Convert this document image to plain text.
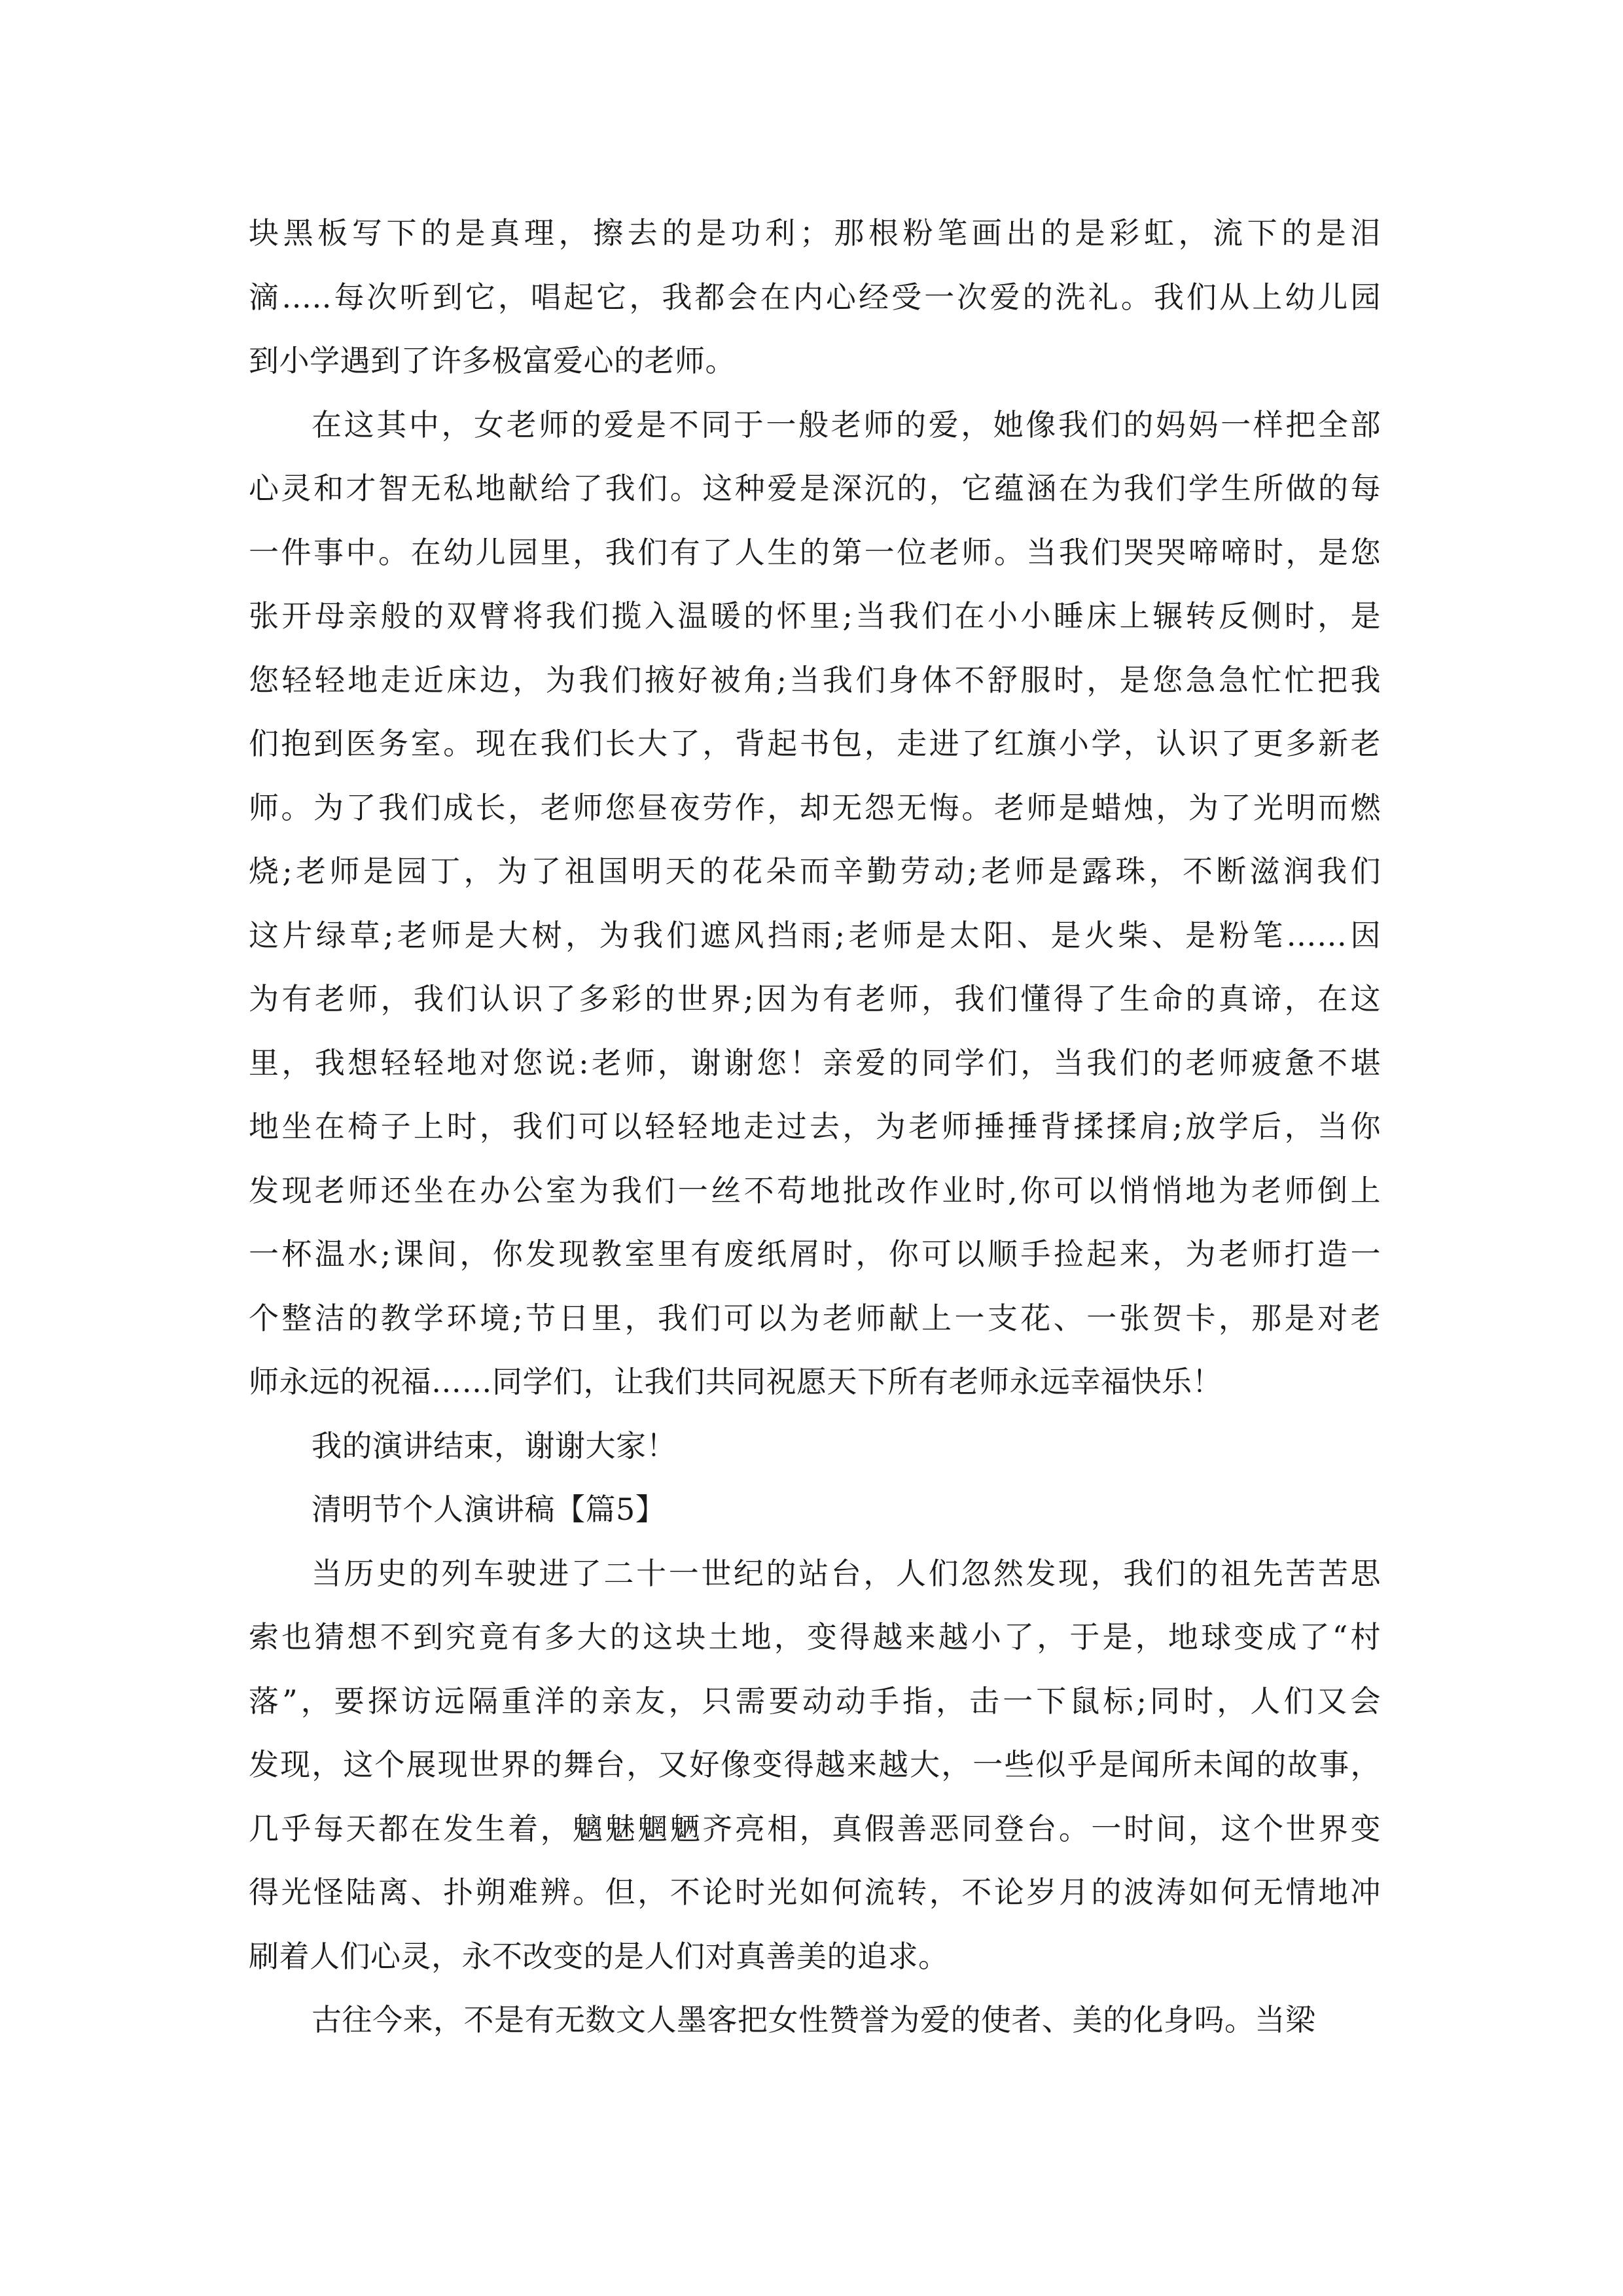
块黑板写下的是真理，擦去的是功利；那根粉笔画出的是彩虹，流下的是泪
滴…..每次听到它，唱起它，我都会在内心经受一次爱的洗礼。我们从上幼儿园
到小学遇到了许多极富爱心的老师。
在这其中，女老师的爱是不同于一般老师的爱，她像我们的妈妈一样把全部
心灵和才智无私地献给了我们。这种爱是深沉的，它蕴涵在为我们学生所做的每
一件事中。在幼儿园里，我们有了人生的第一位老师。当我们哭哭啼啼时，是您
张开母亲般的双臂将我们揽入温暖的怀里;当我们在小小睡床上辗转反侧时，是
您轻轻地走近床边，为我们掖好被角;当我们身体不舒服时，是您急急忙忙把我
们抱到医务室。现在我们长大了，背起书包，走进了红旗小学，认识了更多新老
师。为了我们成长，老师您昼夜劳作，却无怨无悔。老师是蜡烛，为了光明而燃
烧;老师是园丁，为了祖国明天的花朵而辛勤劳动;老师是露珠，不断滋润我们
这片绿草;老师是大树，为我们遮风挡雨;老师是太阳、是火柴、是粉笔……因
为有老师，我们认识了多彩的世界;因为有老师，我们懂得了生命的真谛，在这
里，我想轻轻地对您说:老师，谢谢您！亲爱的同学们，当我们的老师疲惫不堪
地坐在椅子上时，我们可以轻轻地走过去，为老师捶捶背揉揉肩;放学后，当你
发现老师还坐在办公室为我们一丝不苟地批改作业时,你可以悄悄地为老师倒上
一杯温水;课间，你发现教室里有废纸屑时，你可以顺手捡起来，为老师打造一
个整洁的教学环境;节日里，我们可以为老师献上一支花、一张贺卡，那是对老
师永远的祝福……同学们，让我们共同祝愿天下所有老师永远幸福快乐！
我的演讲结束，谢谢大家！
清明节个人演讲稿【篇5】
当历史的列车驶进了二十一世纪的站台，人们忽然发现，我们的祖先苦苦思
索也猜想不到究竟有多大的这块土地，变得越来越小了，于是，地球变成了“村
落”，要探访远隔重洋的亲友，只需要动动手指，击一下鼠标;同时，人们又会
发现，这个展现世界的舞台，又好像变得越来越大，一些似乎是闻所未闻的故事，
几乎每天都在发生着，魑魅魍魉齐亮相，真假善恶同登台。一时间，这个世界变
得光怪陆离、扑朔难辨。但，不论时光如何流转，不论岁月的波涛如何无情地冲
刷着人们心灵，永不改变的是人们对真善美的追求。
古往今来，不是有无数文人墨客把女性赞誉为爱的使者、美的化身吗。当梁
